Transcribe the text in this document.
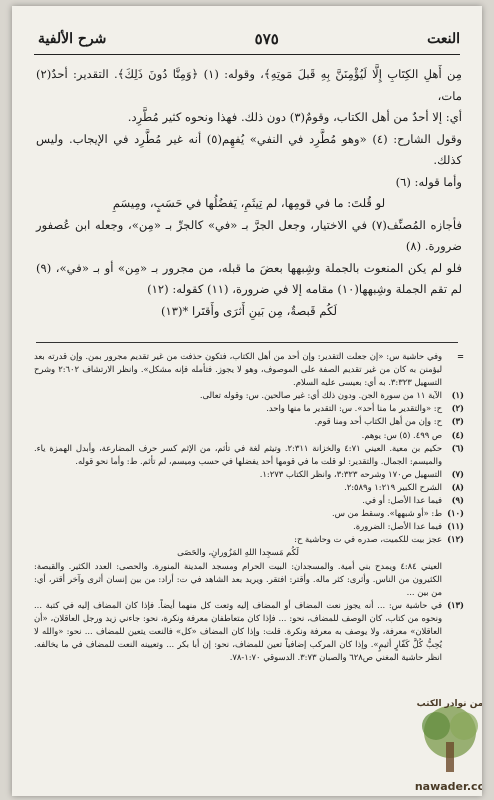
النعت
٥٧٥
شرح الألفية

مِن أَهلِ الكِتَابِ إِلَّا لَيُؤْمِنَنَّ بِهِ قَبلَ مَوتِهِ﴾، وقوله: (١) ﴿وَمِنَّا دُونَ ذَلِكَ﴾. التقدير: أحدٌ(٢) مات،

أي: إلا أحدٌ من أهل الكتاب، وقومٌ(٣) دون ذلك. فهذا ونحوه كثير مُطَّرِد.

وقول الشارح: (٤) «وهو مُطَّرِد في النفي» يُفهِم(٥) أنه غير مُطَّرِد في الإيجاب. وليس كذلك.

وأما قوله: (٦)

لو قُلتَ: ما في قومِها، لم تِيثَمِ، يَفضُلُها في حَسَبٍ، ومِيسَمِ

فأجازه المُصنِّف(٧) في الاختيار، وجعل الجرَّ بـ «في» كالجرِّ بـ «مِن»، وجعله ابن عُصفور ضرورة. (٨)

فلو لم يكن المنعوت بالجملة وشِبهها بعضَ ما قبله، من مجرور بـ «مِن» أو بـ «في»، (٩) لم تقم الجملة وشِبهها(١٠) مقامه إلا في ضرورة، (١١) كقوله: (١٢)

لَكُم قَبصةٌ، مِن بَينِ أَثرَى وأَقتَرا *(١٣)

=
وفي حاشية س: «إن جعلت التقدير: وإن أحد من أهل الكتاب، فتكون حذفت من غير تقديم مجرور بمن. وإن قدرته بعد ليؤمنن به كان من غير تقديم الصفة على الموصوف، وهو لا يجوز. فتأمله فإنه مشكل». وانظر الارتشاف ٢:٦٠٢ وشرح التسهيل ٣:٣٢٣. به أي: بعيسى عليه السلام.
(١)
الآية ١١ من سورة الجن. ودون ذلك أي: غير صالحين. س: وقوله تعالى.
(٢)
ح: «والتقدير ما منا أحد». س: التقدير ما منها واحد.
(٣)
ح: وإن من أهل الكتاب أحد ومنا قوم.
(٤)
ص ٤٩٩. (٥) س: يوهم.
(٦)
حكيم بن معية. العيني ٤:٧١ والخزانة ٢:٣١١. وتيثم لغة في تأثم، من الإثم كسر حرف المضارعة، وأبدل الهمزة ياء. والميسم: الجمال. والتقدير: لو قلت ما في قومها أحد يفضلها في حسب وميسم، لم تأثم. ط: وأما نحو قوله.
(٧)
التسهيل ص١٧٠ وشرحه ٣:٣٢٣، وانظر الكتاب ١:٢٧٣.
(٨)
الشرح الكبير ١:٢١٩ و٢:٥٨٩.
(٩)
فيما عدا الأصل: أو في.
(١٠)
ط: «أو شبهها». وسقط من س.
(١١)
فيما عدا الأصل: الضرورة.
(١٢)
عجز بيت للكميت، صدره في ت وحاشية ح:
لَكُم مَسجِدا اللهِ المَزُورانِ، والحَصَى
العيني ٤:٨٤ ويمدح بني أمية. والمسجدان: البيت الحرام ومسجد المدينة المنورة. والحصى: العدد الكثير. والقبصة: الكثيرون من الناس. وأثرى: كثر ماله. وأقتر: افتقر. ويريد بعد الشاهد في ت: أراد: من بين إنسان أثرى وآخر أقتر، أي: من بين ...
(١٣)
في حاشية س: ... أنه يجوز نعت المضاف أو المضاف إليه وتعت كل منهما أيضاً. فإذا كان المضاف إليه في كتبة ... ونحوه من كتاب، كان الوصف للمضاف، نحو: ... فإذا كان متعاطفان معرفة ونكرة، نحو: جاءني زيد ورجل العاقلان، «أن العاقلان» معرفة، ولا يوصف به معرفة ونكرة. قلت: وإذا كان المضاف «كل» فالنعت يتعين للمضاف ... نحو: «والله لا يُحِبُّ كُلَّ كَفّارٍ أثيمٍ». وإذا كان المركب إضافياً تعين للمضاف، نحو: إن أبا بكر ... وتعيينه النعت للمضاف في ما يخالفه. انظر حاشية المغني ص٦٢٨ والصبان ٣:٧٣. الدسوقي ١:٧٠-٧٨.
من نوادر الكتب
nawader.co
